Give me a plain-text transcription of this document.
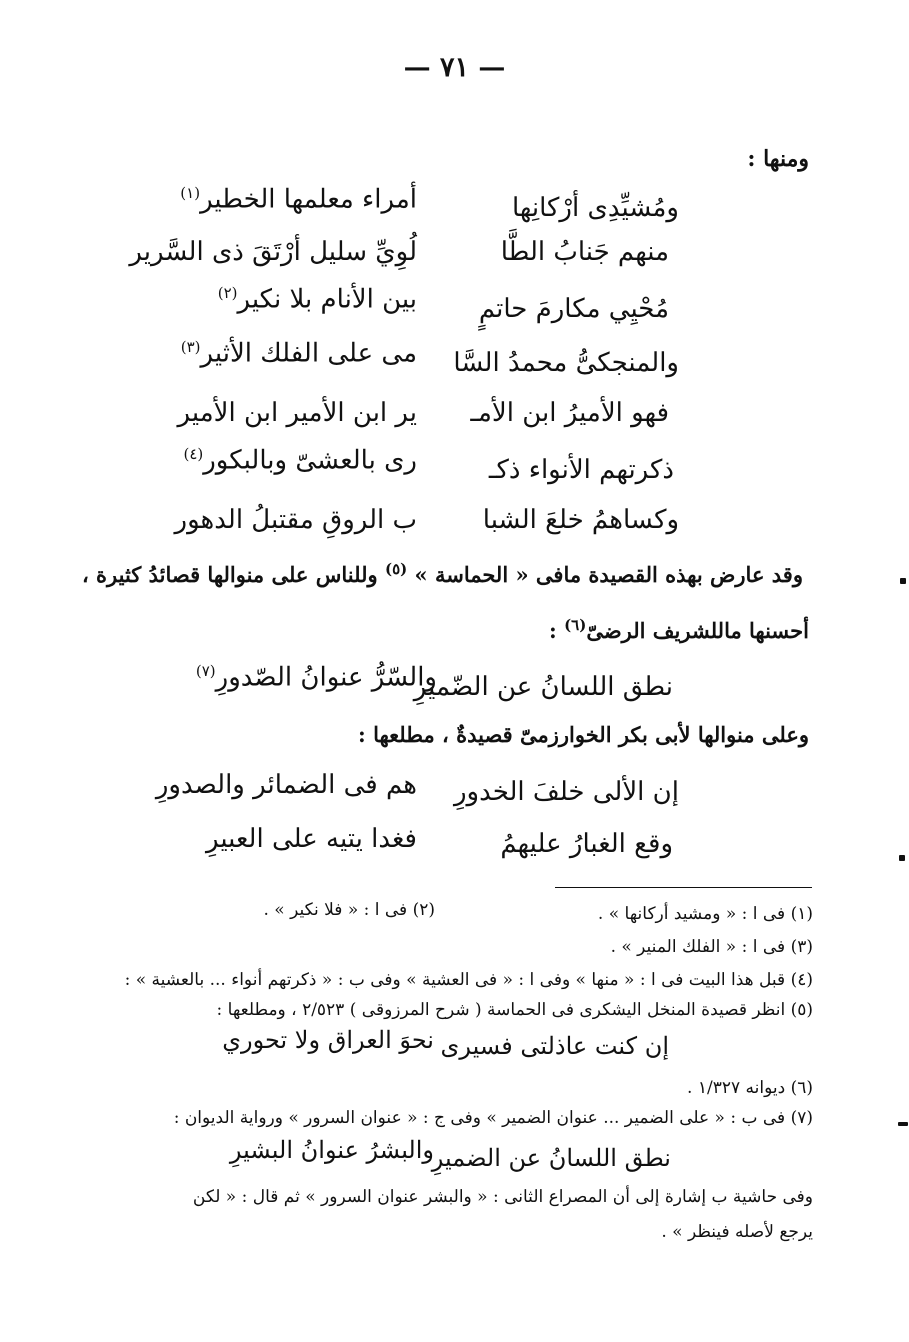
— ٧١ —
ومنها :
ومُشيِّدِى أرْكانِها
أمراء معلمها الخطير$^{(١)}$
منهم جَنابُ الطَّا
لُوِيِّ سليل أرْتَقَ ذى السَّرير
مُحْيِي مكارمَ حاتمٍ
بين الأنام بلا نكير$^{(٢)}$
والمنجكىُّ محمدُ السَّا
مى على الفلك الأثير$^{(٣)}$
فهو الأميرُ ابن الأمـ
ير ابن الأمير ابن الأمير
ذكرتهم الأنواء ذكـ
رى بالعشىّ وبالبكور$^{(٤)}$
وكساهمُ خلعَ الشبا
ب الروقِ مقتبلُ الدهور
وقد عارض بهذه القصيدة مافى « الحماسة » $^{(٥)}$ وللناس على منوالها قصائدُ كثيرة ،
أحسنها ماللشريف الرضىّ$^{(٦)}$ :
نطق اللسانُ عن الضّميرِ
والسّرُّ عنوانُ الصّدورِ$^{(٧)}$
وعلى منوالها لأبى بكر الخوارزمىّ قصيدةٌ ، مطلعها :
إن الألى خلفَ الخدورِ
هم فى الضمائر والصدورِ
وقع الغبارُ عليهمُ
فغدا يتيه على العبيرِ
(١) فى ا : « ومشيد أركانها » .
(٢) فى ا : « فلا نكير » .
(٣) فى ا : « الفلك المنير » .
(٤) قبل هذا البيت فى ا : « منها » وفى ا : « فى العشية » وفى ب : « ذكرتهم أنواء ... بالعشية » :
(٥) انظر قصيدة المنخل اليشكرى فى الحماسة ( شرح المرزوقى ) ٢/٥٢٣ ، ومطلعها :
إن كنت عاذلتى فسيرى
نحوَ العراق ولا تحوري
(٦) ديوانه ١/٣٢٧ .
(٧) فى ب : « على الضمير ... عنوان الضمير » وفى ج : « عنوان السرور » ورواية الديوان :
نطق اللسانُ عن الضميرِ
والبشرُ عنوانُ البشيرِ
وفى حاشية ب إشارة إلى أن المصراع الثانى : « والبشر عنوان السرور » ثم قال : « لكن
يرجع لأصله فينظر » .
